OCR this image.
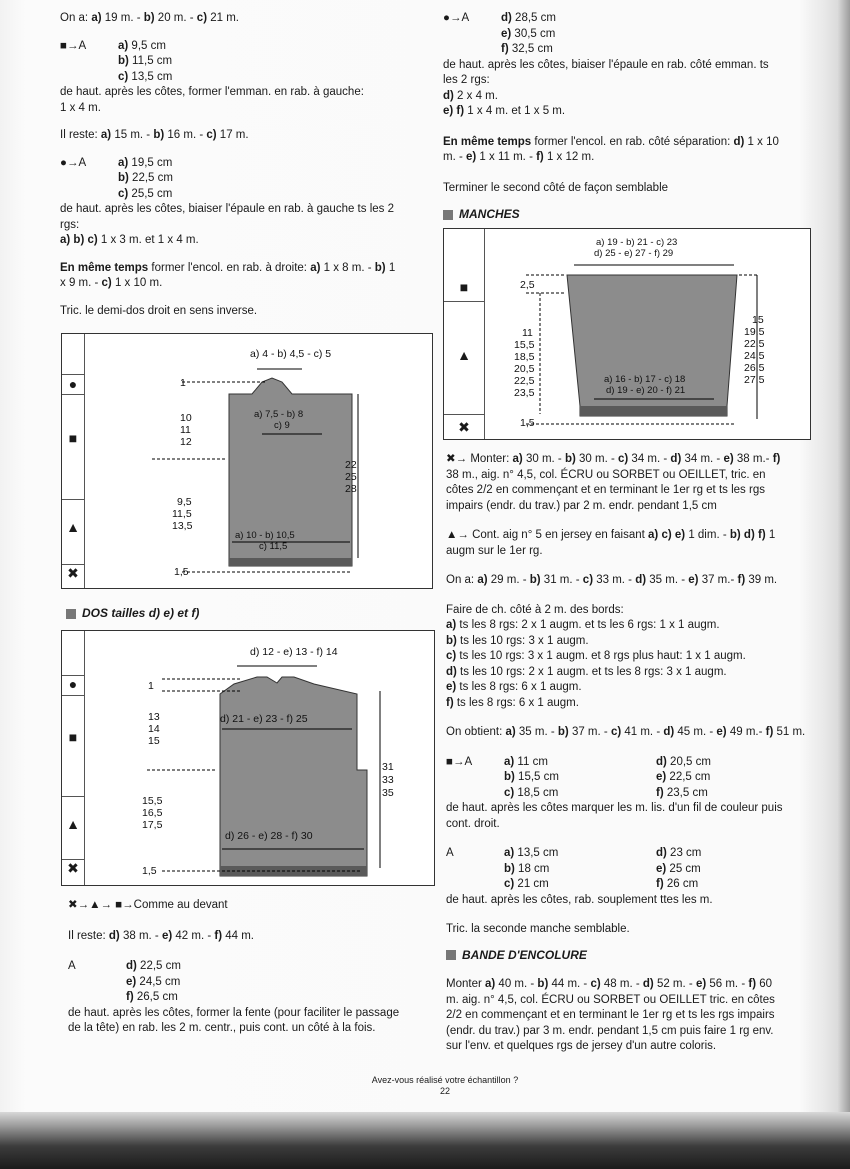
On a: a) 19 m. - b) 20 m. - c) 21 m.

■→A	a) 9,5 cm
b) 11,5 cm
c) 13,5 cm

de haut. après les côtes, former l'emman. en rab. à gauche:

1 x 4 m.

Il reste: a) 15 m. - b) 16 m. - c) 17 m.

●→A	a) 19,5 cm
b) 22,5 cm
c) 25,5 cm

de haut. après les côtes, biaiser l'épaule en rab. à gauche ts les 2

rgs:

a) b) c) 1 x 3 m. et 1 x 4 m.

En même temps former l'encol. en rab. à droite: a) 1 x 8 m. - b) 1

x 9 m. - c) 1 x 10 m.

Tric. le demi-dos droit en sens inverse.

●
■
▲
✖
a) 4 - b) 4,5 - c) 5
1
10
11
12
a) 7,5 - b) 8
c) 9
22
25
28
9,5
11,5
13,5
a) 10 - b) 10,5
c) 11,5
1,5
DOS tailles d) e) et f)
●
■
▲
✖
d) 12 - e) 13 - f) 14
1
13
14
15
d) 21 - e) 23 - f) 25
31
33
35
15,5
16,5
17,5
d) 26 - e) 28 - f) 30
1,5

✖→▲→ ■→Comme au devant

Il reste: d) 38 m. - e) 42 m. - f) 44 m.

A	d) 22,5 cm
e) 24,5 cm
f) 26,5 cm

de haut. après les côtes, former la fente (pour faciliter le passage

de la tête) en rab. les 2 m. centr., puis cont. un côté à la fois.

●→A	d) 28,5 cm
e) 30,5 cm
f) 32,5 cm

de haut. après les côtes, biaiser l'épaule en rab. côté emman. ts

les 2 rgs:

d) 2 x 4 m.

e) f) 1 x 4 m. et 1 x 5 m.

En même temps former l'encol. en rab. côté séparation: d) 1 x 10

m. - e) 1 x 11 m. - f) 1 x 12 m.

Terminer le second côté de façon semblable

MANCHES
■
▲
✖
a) 19 - b) 21 - c) 23
d) 25 - e) 27 - f) 29
2,5
11
15,5
18,5
20,5
22,5
23,5
15
19,5
22,5
24,5
26,5
27,5
a) 16 - b) 17 - c) 18
d) 19 - e) 20 - f) 21
1,5

✖→ Monter: a) 30 m. - b) 30 m. - c) 34 m. - d) 34 m. - e) 38 m.- f)

38 m., aig. n° 4,5, col. ÉCRU ou SORBET ou OEILLET, tric. en

côtes 2/2 en commençant et en terminant le 1er rg et ts les rgs

impairs (endr. du trav.) par 2 m. endr. pendant 1,5 cm

▲→ Cont. aig n° 5 en jersey en faisant a) c) e) 1 dim. - b) d) f) 1

augm sur le 1er rg.

On a: a) 29 m. - b) 31 m. - c) 33 m. - d) 35 m. - e) 37 m.- f) 39 m.

Faire de ch. côté à 2 m. des bords:

a) ts les 8 rgs: 2 x 1 augm. et ts les 6 rgs: 1 x 1 augm.

b) ts les 10 rgs: 3 x 1 augm.

c) ts les 10 rgs: 3 x 1 augm. et 8 rgs plus haut: 1 x 1 augm.

d) ts les 10 rgs: 2 x 1 augm. et ts les 8 rgs: 3 x 1 augm.

e) ts les 8 rgs: 6 x 1 augm.

f) ts les 8 rgs: 6 x 1 augm.

On obtient: a) 35 m. - b) 37 m. - c) 41 m. - d) 45 m. - e) 49 m.- f) 51 m.

■→A	a) 11 cm
b) 15,5 cm
c) 18,5 cm
d) 20,5 cm
e) 22,5 cm
f) 23,5 cm

de haut. après les côtes marquer les m. lis. d'un fil de couleur puis

cont. droit.

A	a) 13,5 cm
b) 18 cm
c) 21 cm
d) 23 cm
e) 25 cm
f) 26 cm

de haut. après les côtes, rab. souplement ttes les m.

Tric. la seconde manche semblable.

BANDE D'ENCOLURE

Monter a) 40 m. - b) 44 m. - c) 48 m. - d) 52 m. - e) 56 m. - f) 60

m. aig. n° 4,5, col. ÉCRU ou SORBET ou OEILLET tric. en côtes

2/2 en commençant et en terminant le 1er rg et ts les rgs impairs

(endr. du trav.) par 3 m. endr. pendant 1,5 cm puis faire 1 rg env.

sur l'env. et quelques rgs de jersey d'un autre coloris.

Avez-vous réalisé votre échantillon ?
22
